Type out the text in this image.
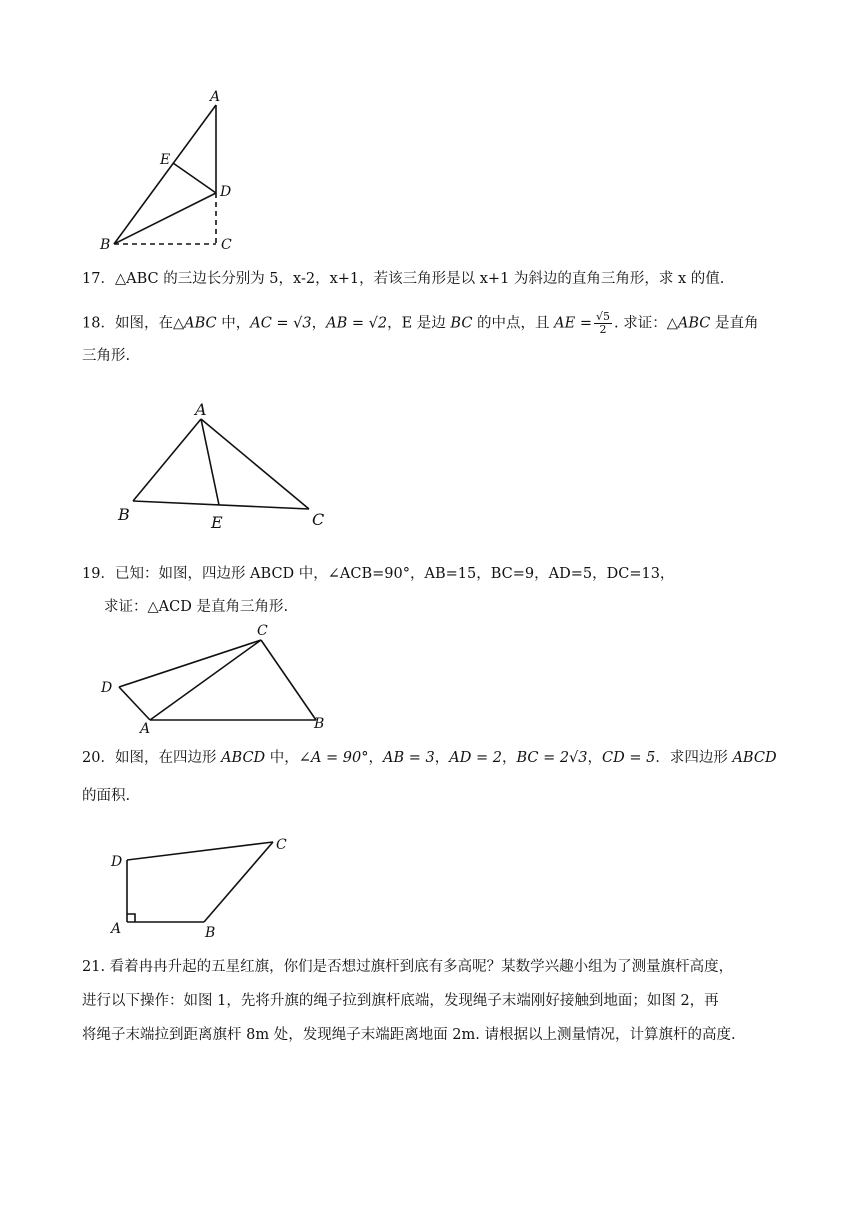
A
E
D
B	C
17．△ABC 的三边长分别为 5，x-2，x+1，若该三角形是以 x+1 为斜边的直角三角形，求 x 的值.
18．如图，在△ABC 中，AC = √3，AB = √2，E 是边 BC 的中点，且 AE = $\frac{√5}{2}$ . 求证：△ABC 是直角
三角形.
A
B	E	C
19．已知：如图，四边形 ABCD 中，∠ACB=90°，AB=15，BC=9，AD=5，DC=13，
求证：△ACD 是直角三角形.
C
D
A	B
20．如图，在四边形 ABCD 中，∠A = 90°，AB = 3，AD = 2，BC = 2√3，CD = 5．求四边形 ABCD
的面积.
D
C
A	B
21. 看着冉冉升起的五星红旗，你们是否想过旗杆到底有多高呢？某数学兴趣小组为了测量旗杆高度，
进行以下操作：如图 1，先将升旗的绳子拉到旗杆底端，发现绳子末端刚好接触到地面；如图 2，再
将绳子末端拉到距离旗杆 8m 处，发现绳子末端距离地面 2m. 请根据以上测量情况，计算旗杆的高度.
